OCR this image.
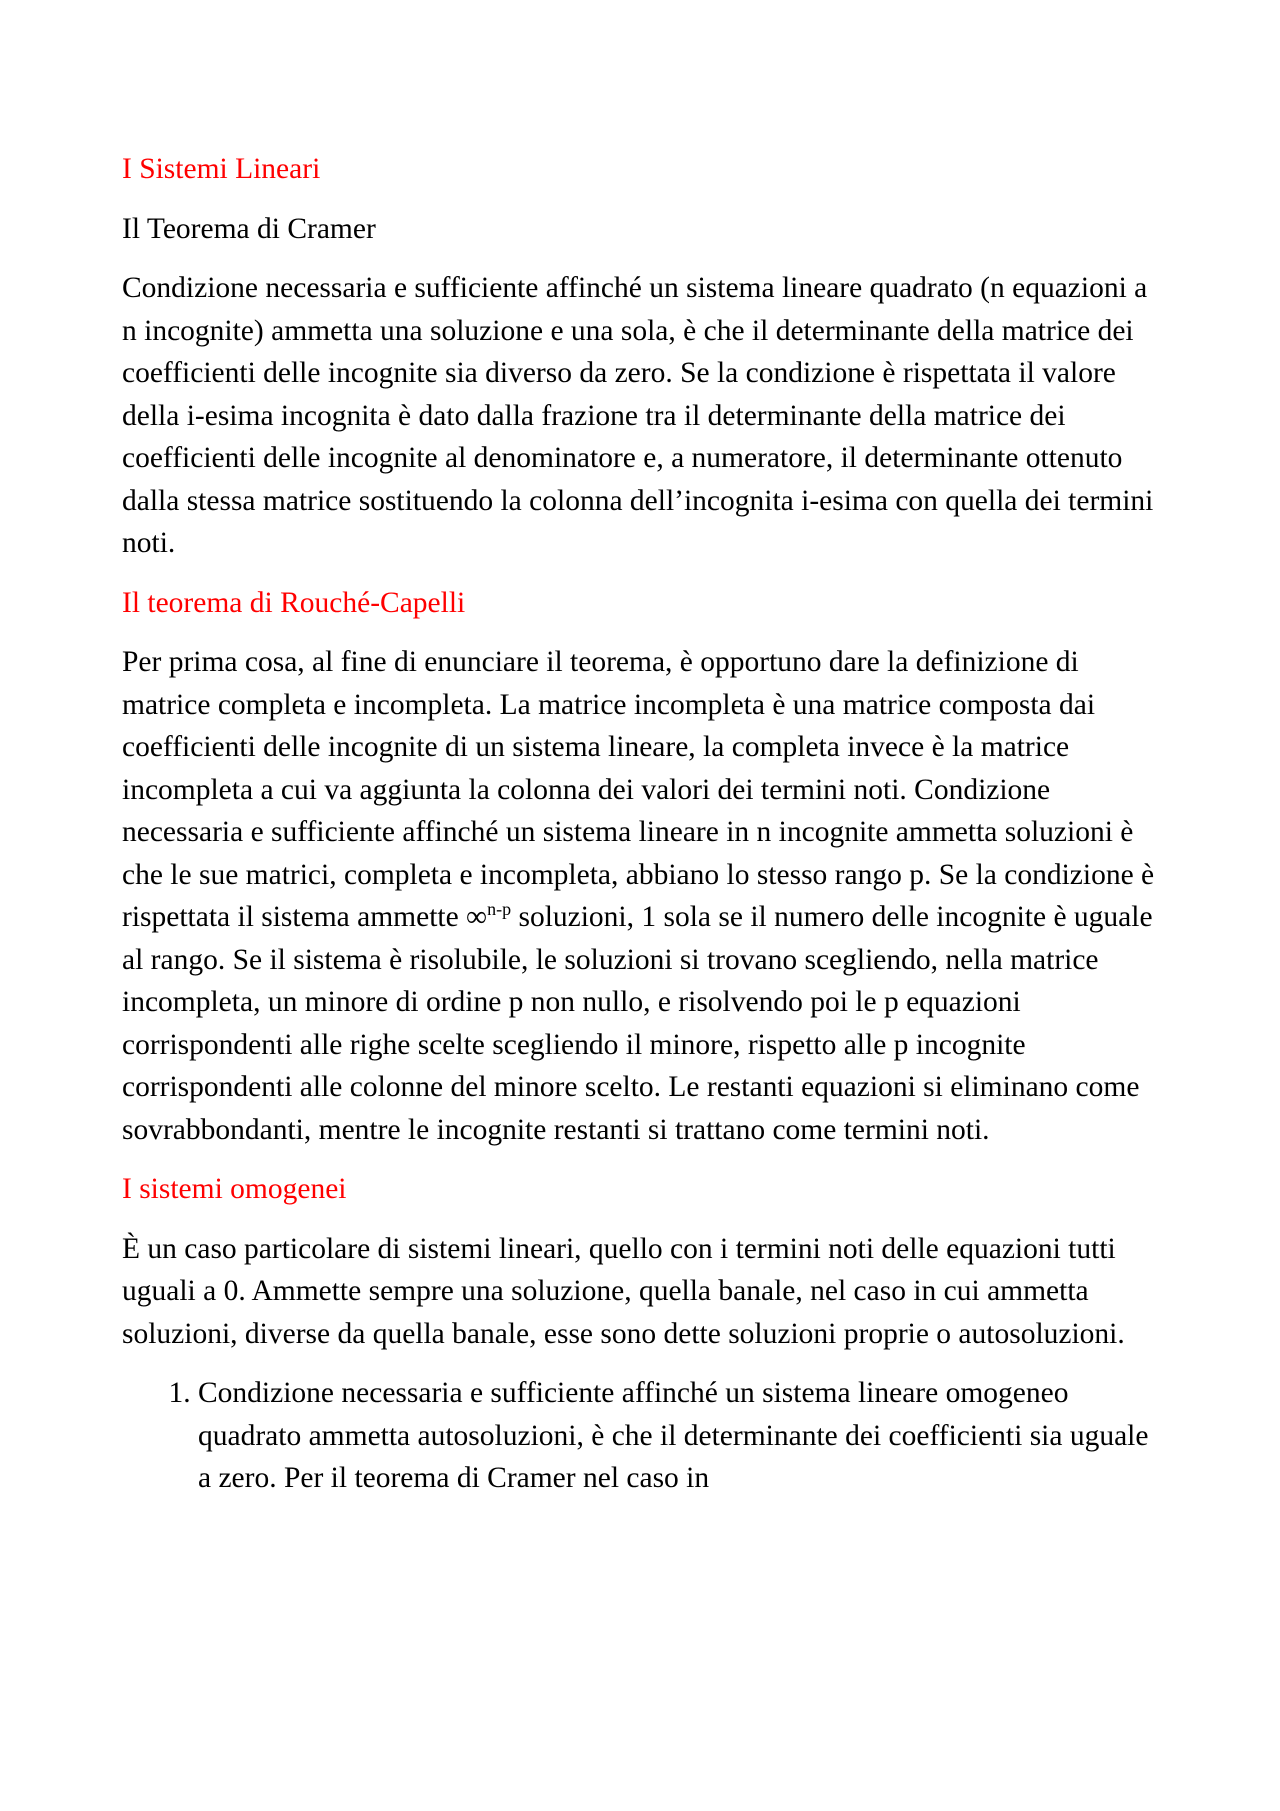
I Sistemi Lineari

Il Teorema di Cramer

Condizione necessaria e sufficiente affinché un sistema lineare quadrato (n equazioni a n incognite) ammetta una soluzione e una sola, è che il determinante della matrice dei coefficienti delle incognite sia diverso da zero. Se la condizione è rispettata il valore della i-esima incognita è dato dalla frazione tra il determinante della matrice dei coefficienti delle incognite al denominatore e, a numeratore, il determinante ottenuto dalla stessa matrice sostituendo la colonna dell’incognita i-esima con quella dei termini noti.

Il teorema di Rouché-Capelli

Per prima cosa, al fine di enunciare il teorema, è opportuno dare la definizione di matrice completa e incompleta. La matrice incompleta è una matrice composta dai coefficienti delle incognite di un sistema lineare, la completa invece è la matrice incompleta a cui va aggiunta la colonna dei valori dei termini noti. Condizione necessaria e sufficiente affinché un sistema lineare in n incognite ammetta soluzioni è che le sue matrici, completa e incompleta, abbiano lo stesso rango p. Se la condizione è rispettata il sistema ammette ∞$^{n-p}$ soluzioni, 1 sola se il numero delle incognite è uguale al rango. Se il sistema è risolubile, le soluzioni si trovano scegliendo, nella matrice incompleta, un minore di ordine p non nullo, e risolvendo poi le p equazioni corrispondenti alle righe scelte scegliendo il minore, rispetto alle p incognite corrispondenti alle colonne del minore scelto. Le restanti equazioni si eliminano come sovrabbondanti, mentre le incognite restanti si trattano come termini noti.

I sistemi omogenei

È un caso particolare di sistemi lineari, quello con i termini noti delle equazioni tutti uguali a 0. Ammette sempre una soluzione, quella banale, nel caso in cui ammetta soluzioni, diverse da quella banale, esse sono dette soluzioni proprie o autosoluzioni.

1. Condizione necessaria e sufficiente affinché un sistema lineare omogeneo quadrato ammetta autosoluzioni, è che il determinante dei coefficienti sia uguale a zero. Per il teorema di Cramer nel caso in
